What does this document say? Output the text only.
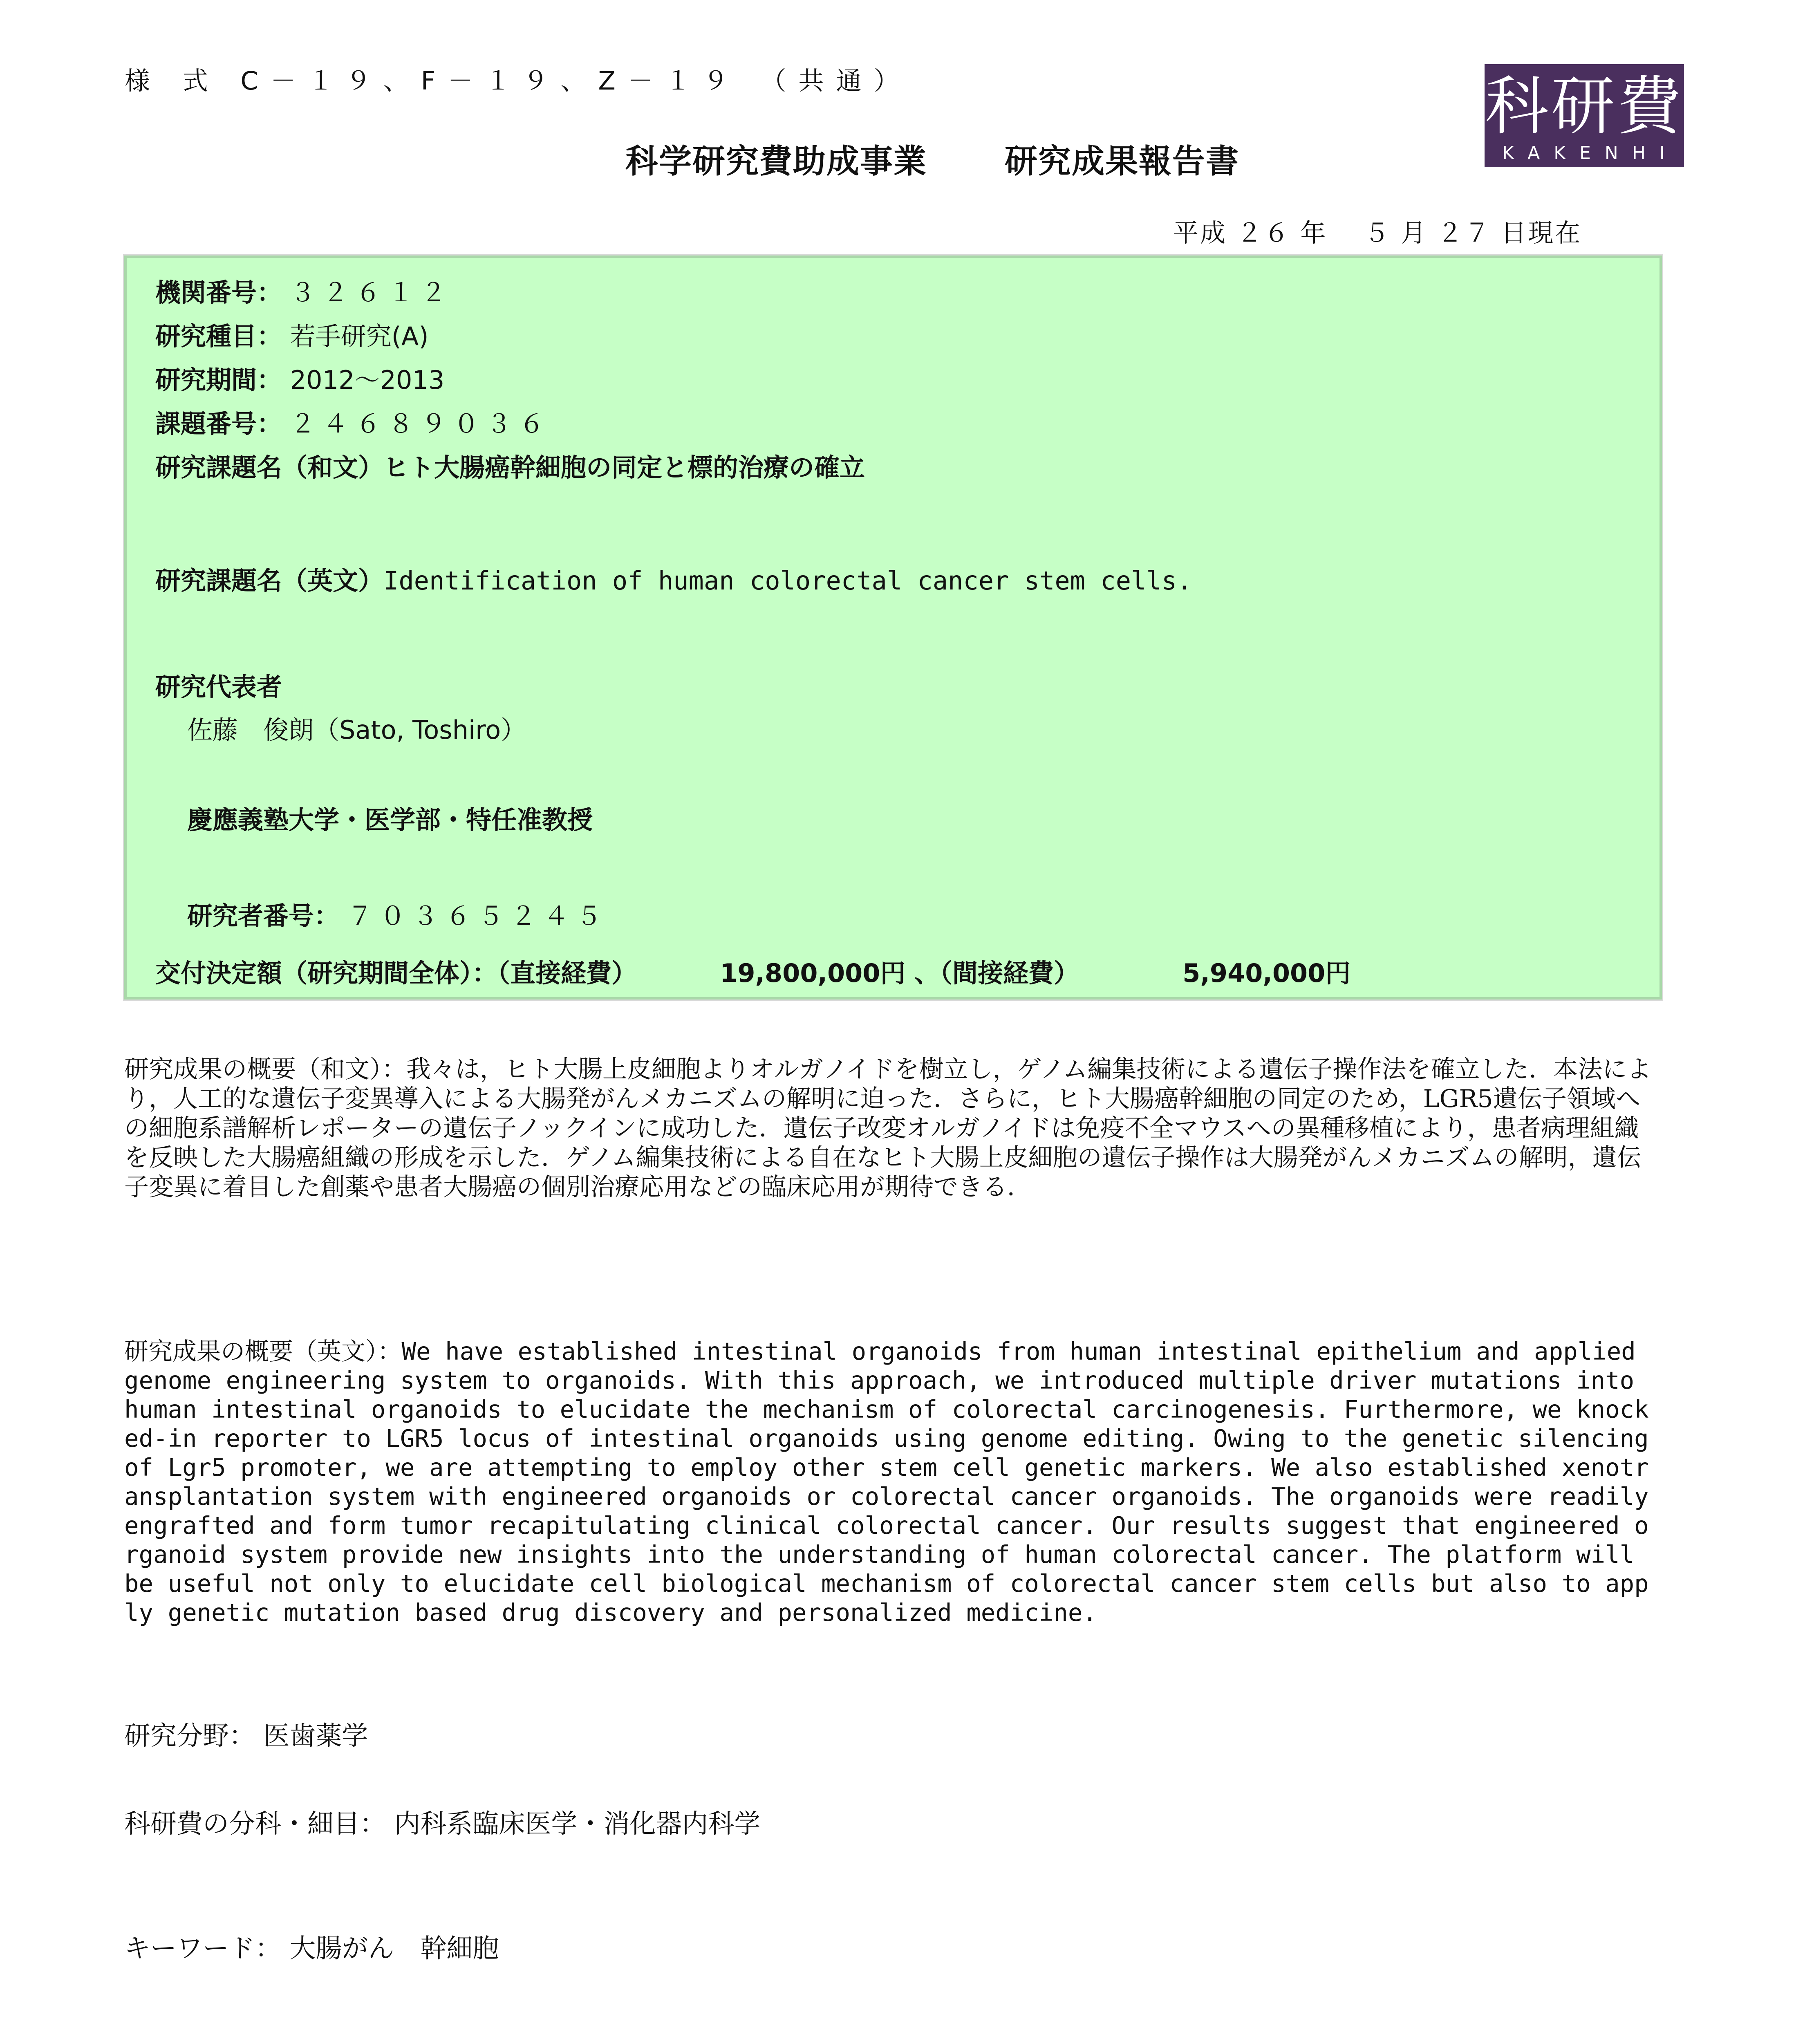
様 式 C－１９、F－１９、Z－１９ （共通）
科学研究費助成事業 研究成果報告書
科研費
KAKENHI
平成 ２６ 年 　５ 月 ２７ 日現在
機関番号： ３２６１２
研究種目： 若手研究(A)
研究期間： 2012～2013
課題番号： ２４６８９０３６
研究課題名（和文）ヒト大腸癌幹細胞の同定と標的治療の確立
研究課題名（英文）Identification of human colorectal cancer stem cells.
研究代表者
佐藤　俊朗（Sato, Toshiro）
慶應義塾大学・医学部・特任准教授
研究者番号： ７０３６５２４５
交付決定額（研究期間全体）：（直接経費）	19,800,000円 、（間接経費）	5,940,000円
研究成果の概要（和文）：我々は，ヒト大腸上皮細胞よりオルガノイドを樹立し，ゲノム編集技術による遺伝子操作法を確立した．本法により，人工的な遺伝子変異導入による大腸発がんメカニズムの解明に迫った．さらに，ヒト大腸癌幹細胞の同定のため，LGR5遺伝子領域への細胞系譜解析レポーターの遺伝子ノックインに成功した．遺伝子改変オルガノイドは免疫不全マウスへの異種移植により，患者病理組織を反映した大腸癌組織の形成を示した．ゲノム編集技術による自在なヒト大腸上皮細胞の遺伝子操作は大腸発がんメカニズムの解明，遺伝子変異に着目した創薬や患者大腸癌の個別治療応用などの臨床応用が期待できる．
研究成果の概要（英文）：We have established intestinal organoids from human intestinal epithelium and applied genome engineering system to organoids. With this approach, we introduced multiple driver mutations into human intestinal organoids to elucidate the mechanism of colorectal carcinogenesis. Furthermore, we knocked-in reporter to LGR5 locus of intestinal organoids using genome editing. Owing to the genetic silencing of Lgr5 promoter, we are attempting to employ other stem cell genetic markers. We also established xenotransplantation system with engineered organoids or colorectal cancer organoids. The organoids were readily engrafted and form tumor recapitulating clinical colorectal cancer. Our results suggest that engineered organoid system provide new insights into the understanding of human colorectal cancer. The platform will be useful not only to elucidate cell biological mechanism of colorectal cancer stem cells but also to apply genetic mutation based drug discovery and personalized medicine.
研究分野： 医歯薬学
科研費の分科・細目： 内科系臨床医学・消化器内科学
キーワード： 大腸がん　幹細胞
